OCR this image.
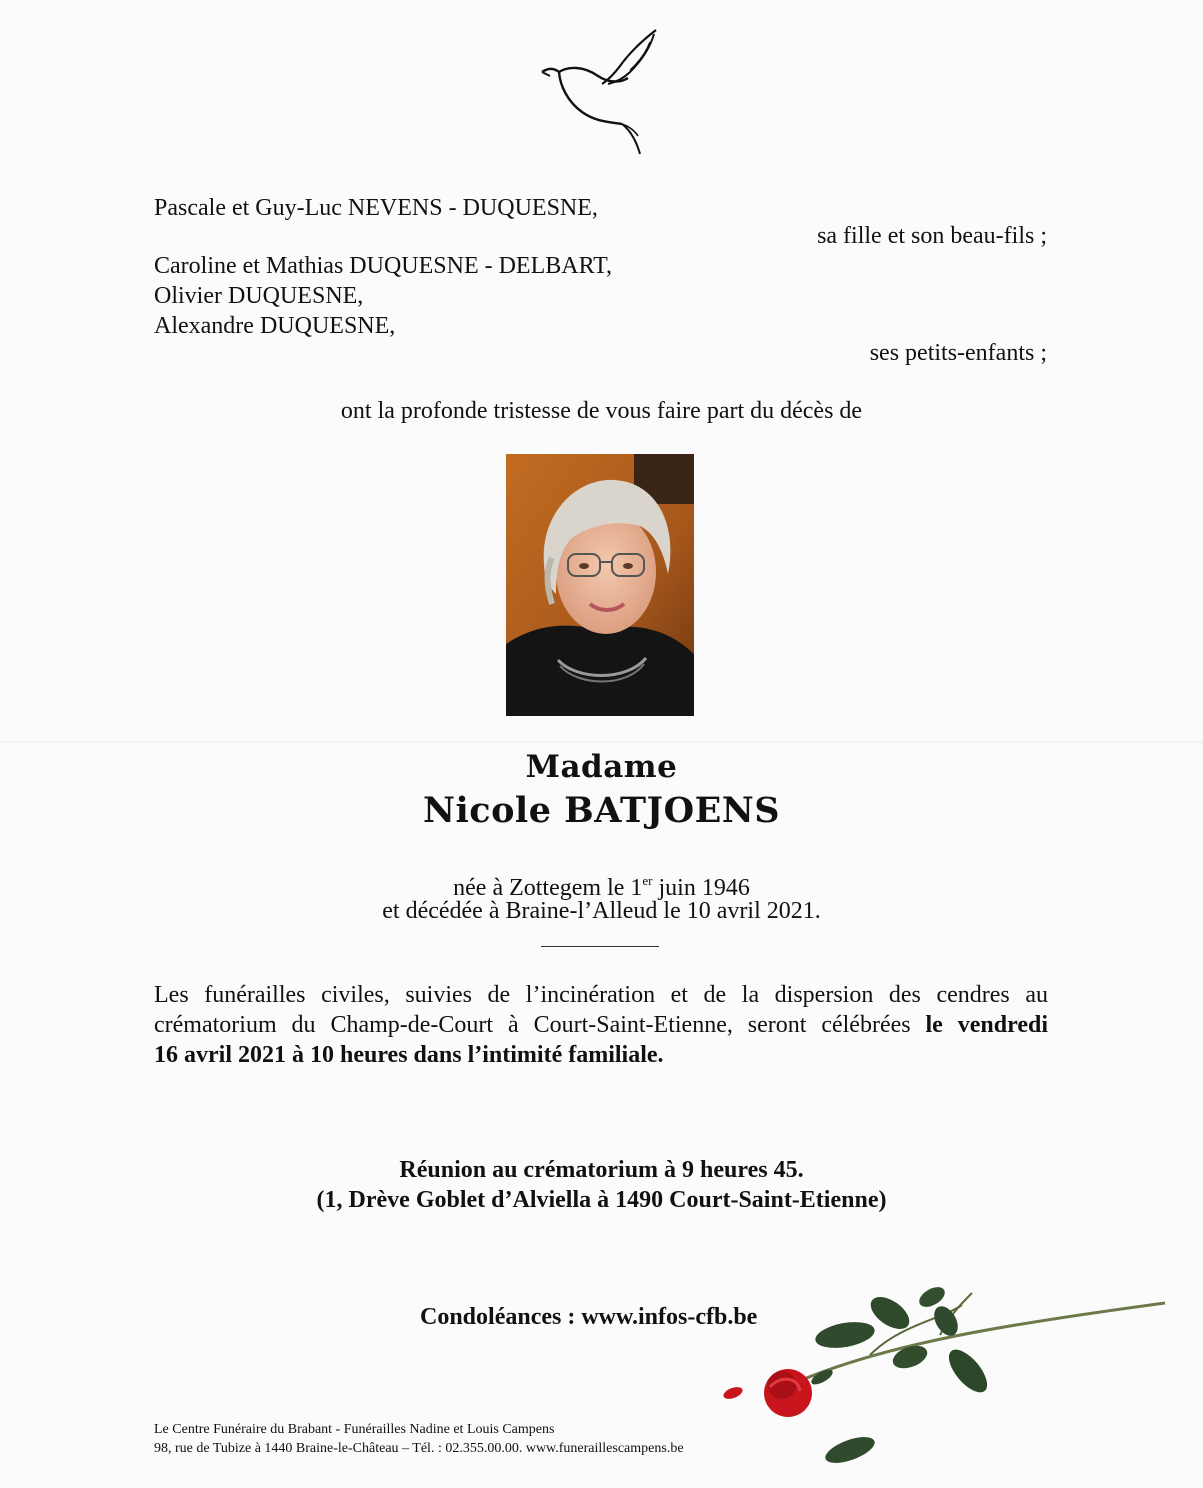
Pascale et Guy-Luc NEVENS - DUQUESNE,
sa fille et son beau-fils ;
Caroline et Mathias DUQUESNE - DELBART,
Olivier DUQUESNE,
Alexandre DUQUESNE,
ses petits-enfants ;
ont la profonde tristesse de vous faire part du décès de
Madame
Nicole BATJOENS
née à Zottegem le 1er juin 1946
et décédée à Braine-l’Alleud le 10 avril 2021.
Les funérailles civiles, suivies de l’incinération et de la dispersion des cendres au
crématorium du Champ-de-Court à Court-Saint-Etienne, seront célébrées le vendredi
16 avril 2021 à 10 heures dans l’intimité familiale.
Réunion au crématorium à 9 heures 45.
(1, Drève Goblet d’Alviella à 1490 Court-Saint-Etienne)
Condoléances : www.infos-cfb.be
Le Centre Funéraire du Brabant - Funérailles Nadine et Louis Campens
98, rue de Tubize à 1440 Braine-le-Château – Tél. : 02.355.00.00. www.funeraillescampens.be
